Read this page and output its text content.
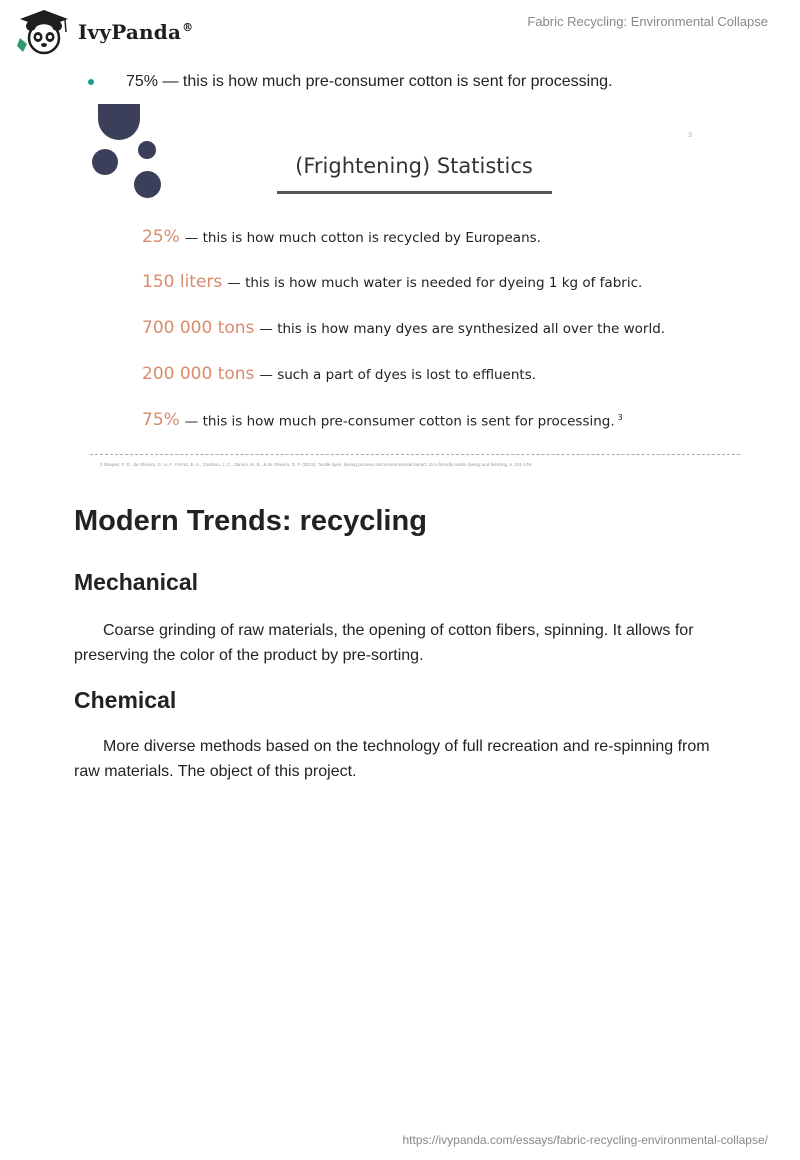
IvyPanda®	Fabric Recycling: Environmental Collapse
75% — this is how much pre-consumer cotton is sent for processing.
3
(Frightening) Statistics
25% — this is how much cotton is recycled by Europeans.
150 liters — this is how much water is needed for dyeing 1 kg of fabric.
700 000 tons — this is how many dyes are synthesized all over the world.
200 000 tons — such a part of dyes is lost to effluents.
75% — this is how much pre-consumer cotton is sent for processing. $^3$
3 Dlequer, F. D., de Oliveira, G. H. F., Ferraz, E. A., Cardoso, J. C., Zanoni, M. B., & de Oliveira, D. P. (2013). Textile dyes: dyeing process and environmental impact. Eco-friendly textile dyeing and finishing, 6, 151-176.
Modern Trends: recycling
Mechanical
Coarse grinding of raw materials, the opening of cotton fibers, spinning. It allows for preserving the color of the product by pre-sorting.
Chemical
More diverse methods based on the technology of full recreation and re-spinning from raw materials. The object of this project.
https://ivypanda.com/essays/fabric-recycling-environmental-collapse/
